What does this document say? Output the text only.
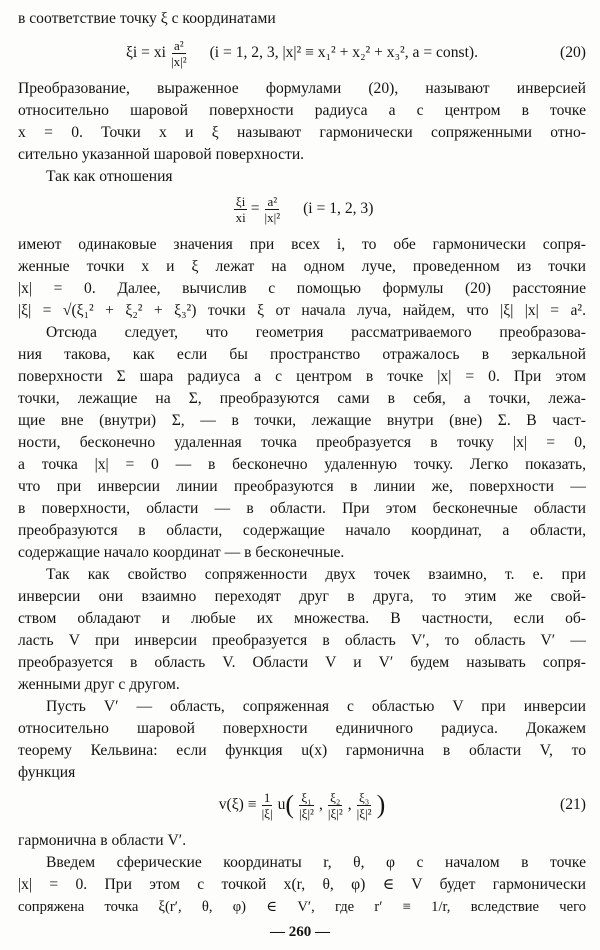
в соответствие точку ξ с координатами
ξi = xi $\frac{\text{a²}}{\text{|x|²}} (i = 1$, 2, 3, |x|² ≡ x₁² + x₂² + x₃², a = const).	(20)
Преобразование, выраженное формулами (20), называют инверсией
относительно шаровой поверхности радиуса a с центром в точке
x = 0. Точки x и ξ называют гармонически сопряженными отно-
сительно указанной шаровой поверхности.
Так как отношения
$\frac{\xi i}{xi} = \frac{\text{a²}}{\text{|x|²}} (i = 1$, 2, 3)
имеют одинаковые значения при всех i, то обе гармонически сопря-
женные точки x и ξ лежат на одном луче, проведенном из точки
|x| = 0. Далее, вычислив с помощью формулы (20) расстояние
|ξ| = √(ξ₁² + ξ₂² + ξ₃²) точки ξ от начала луча, найдем, что |ξ| |x| = a².
Отсюда следует, что геометрия рассматриваемого преобразова-
ния такова, как если бы пространство отражалось в зеркальной
поверхности Σ шара радиуса a с центром в точке |x| = 0. При этом
точки, лежащие на Σ, преобразуются сами в себя, а точки, лежа-
щие вне (внутри) Σ, — в точки, лежащие внутри (вне) Σ. В част-
ности, бесконечно удаленная точка преобразуется в точку |x| = 0,
а точка |x| = 0 — в бесконечно удаленную точку. Легко показать,
что при инверсии линии преобразуются в линии же, поверхности —
в поверхности, области — в области. При этом бесконечные области
преобразуются в области, содержащие начало координат, а области,
содержащие начало координат — в бесконечные.
Так как свойство сопряженности двух точек взаимно, т. е. при
инверсии они взаимно переходят друг в друга, то этим же свой-
ством обладают и любые их множества. В частности, если об-
ласть V при инверсии преобразуется в область V′, то область V′ —
преобразуется в область V. Области V и V′ будем называть сопря-
женными друг с другом.
Пусть V′ — область, сопряженная с областью V при инверсии
относительно шаровой поверхности единичного радиуса. Докажем
теорему Кельвина: если функция u(x) гармонична в области V, то
функция
$v(\xi) \equiv \frac{1}{|\xi|}$ u ( $\frac{\text{ξ₁}}{\text{|ξ|²}}$ , $\frac{\text{ξ₂}}{\text{|ξ|²}}$ , $\frac{\text{ξ₃}}{\text{|ξ|²}}$ )	(21)
гармонична в области V′.
Введем сферические координаты r, θ, φ с началом в точке
|x| = 0. При этом с точкой x(r, θ, φ) ∈ V будет гармонически
сопряжена точка ξ(r′, θ, φ) ∈ V′, где r′ ≡ 1/r, вследствие чего
— 260 —
